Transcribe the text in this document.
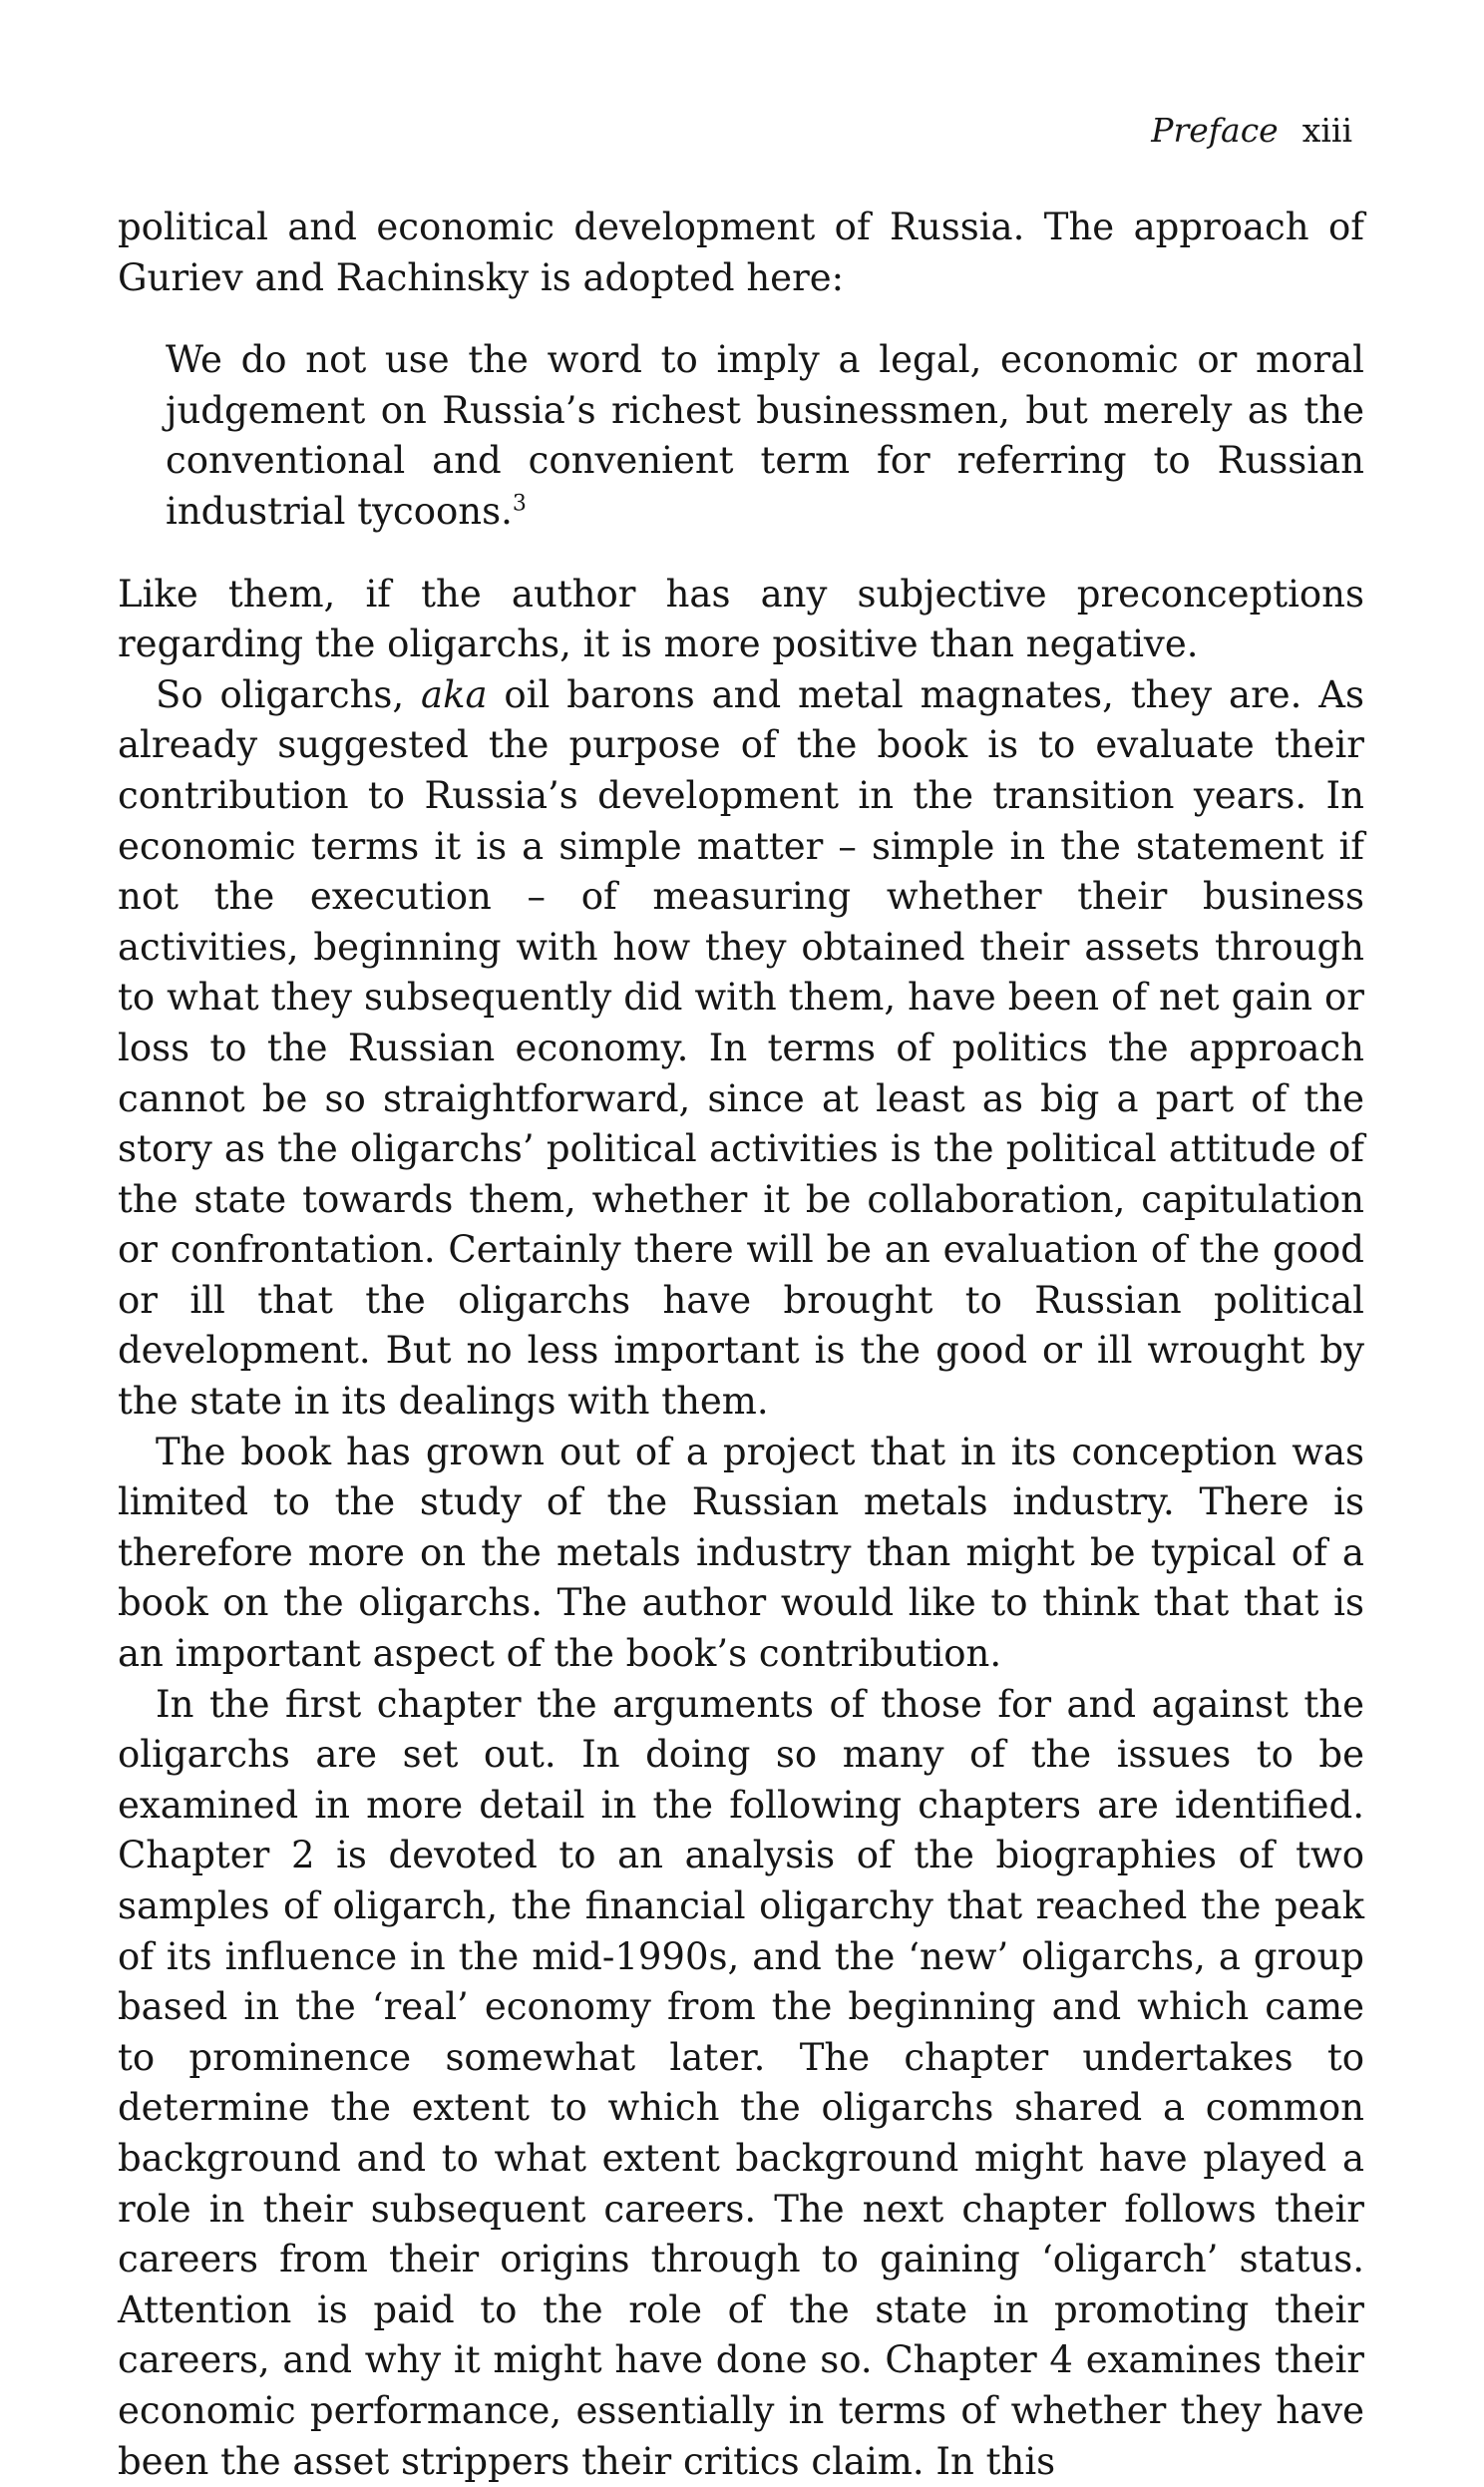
Preface xiii

political and economic development of Russia. The approach of Guriev and Rachinsky is adopted here:

We do not use the word to imply a legal, economic or moral judgement on Russia’s richest businessmen, but merely as the conventional and convenient term for referring to Russian industrial tycoons.$^3$

Like them, if the author has any subjective preconceptions regarding the oligarchs, it is more positive than negative.

So oligarchs, aka oil barons and metal magnates, they are. As already suggested the purpose of the book is to evaluate their contribution to Russia’s development in the transition years. In economic terms it is a simple matter – simple in the statement if not the execution – of measuring whether their business activities, beginning with how they obtained their assets through to what they subsequently did with them, have been of net gain or loss to the Russian economy. In terms of politics the approach cannot be so straightforward, since at least as big a part of the story as the oligarchs’ political activities is the political attitude of the state towards them, whether it be collaboration, capitulation or confrontation. Certainly there will be an evaluation of the good or ill that the oligarchs have brought to Russian political development. But no less important is the good or ill wrought by the state in its dealings with them.

The book has grown out of a project that in its conception was limited to the study of the Russian metals industry. There is therefore more on the metals industry than might be typical of a book on the oligarchs. The author would like to think that that is an important aspect of the book’s contribution.

In the first chapter the arguments of those for and against the oligarchs are set out. In doing so many of the issues to be examined in more detail in the following chapters are identified. Chapter 2 is devoted to an analysis of the biographies of two samples of oligarch, the financial oligarchy that reached the peak of its influence in the mid-1990s, and the ‘new’ oligarchs, a group based in the ‘real’ economy from the beginning and which came to prominence somewhat later. The chapter undertakes to determine the extent to which the oligarchs shared a common background and to what extent background might have played a role in their subsequent careers. The next chapter follows their careers from their origins through to gaining ‘oligarch’ status. Attention is paid to the role of the state in promoting their careers, and why it might have done so. Chapter 4 examines their economic performance, essentially in terms of whether they have been the asset strippers their critics claim. In this
